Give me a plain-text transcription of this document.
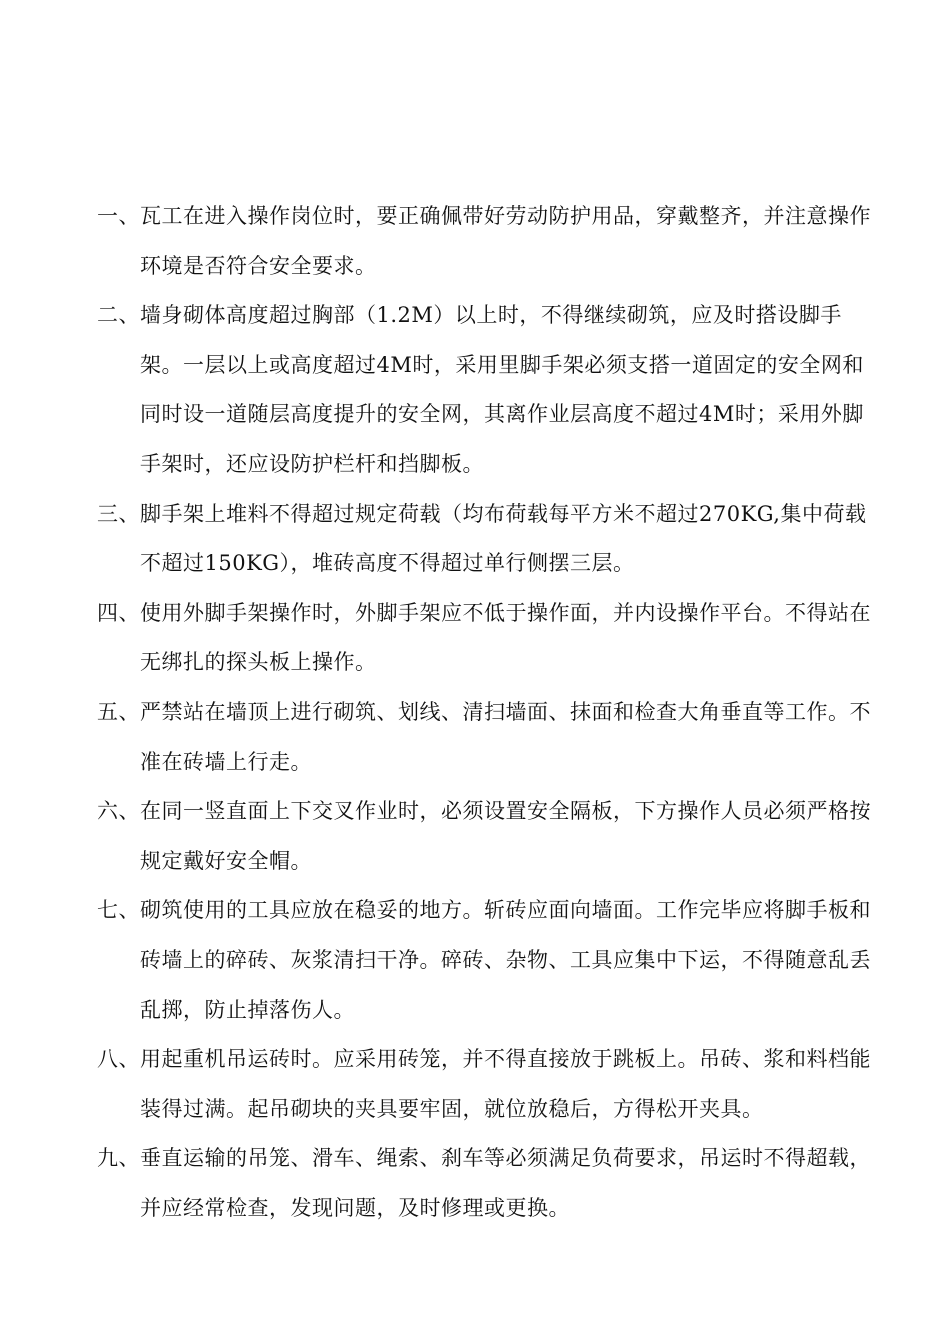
一、 瓦工在进入操作岗位时，要正确佩带好劳动防护用品，穿戴整齐，并注意操作环境是否符合安全要求。
二、 墙身砌体高度超过胸部（1.2M）以上时，不得继续砌筑，应及时搭设脚手架。一层以上或高度超过4M时，采用里脚手架必须支搭一道固定的安全网和同时设一道随层高度提升的安全网，其离作业层高度不超过4M时；采用外脚手架时，还应设防护栏杆和挡脚板。
三、 脚手架上堆料不得超过规定荷载（均布荷载每平方米不超过270KG,集中荷载不超过150KG），堆砖高度不得超过单行侧摆三层。
四、 使用外脚手架操作时，外脚手架应不低于操作面，并内设操作平台。不得站在无绑扎的探头板上操作。
五、 严禁站在墙顶上进行砌筑、划线、清扫墙面、抹面和检查大角垂直等工作。不准在砖墙上行走。
六、 在同一竖直面上下交叉作业时，必须设置安全隔板，下方操作人员必须严格按规定戴好安全帽。
七、 砌筑使用的工具应放在稳妥的地方。斩砖应面向墙面。工作完毕应将脚手板和砖墙上的碎砖、灰浆清扫干净。碎砖、杂物、工具应集中下运，不得随意乱丢乱掷，防止掉落伤人。
八、 用起重机吊运砖时。应采用砖笼，并不得直接放于跳板上。吊砖、浆和料档能装得过满。起吊砌块的夹具要牢固，就位放稳后，方得松开夹具。
九、 垂直运输的吊笼、滑车、绳索、刹车等必须满足负荷要求，吊运时不得超载，并应经常检查，发现问题，及时修理或更换。
